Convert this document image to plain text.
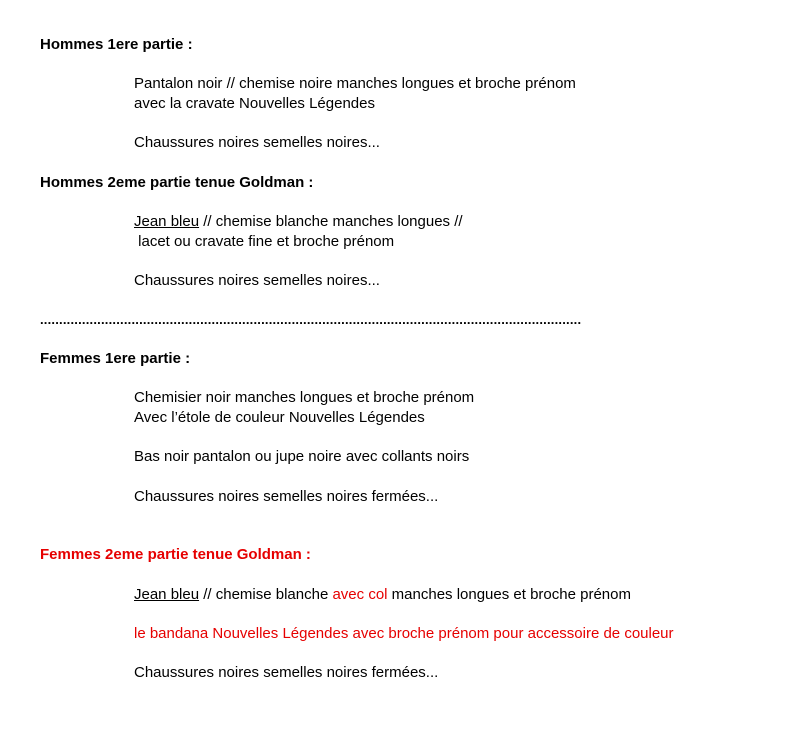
Hommes 1ere partie :
Pantalon noir // chemise noire manches longues et broche prénom
avec la cravate Nouvelles Légendes
Chaussures noires semelles noires...
Hommes 2eme partie tenue Goldman :
Jean bleu // chemise blanche manches longues //
lacet ou cravate fine et broche prénom
Chaussures noires semelles noires...
..............................................................................................................................................
Femmes 1ere partie :
Chemisier noir manches longues et broche prénom
Avec l’étole de couleur Nouvelles Légendes
Bas noir pantalon ou jupe noire avec collants noirs
Chaussures noires semelles noires fermées...
Femmes 2eme partie tenue Goldman :
Jean bleu // chemise blanche avec col manches longues et broche prénom
le bandana Nouvelles Légendes avec broche prénom pour accessoire de couleur
Chaussures noires semelles noires fermées...
